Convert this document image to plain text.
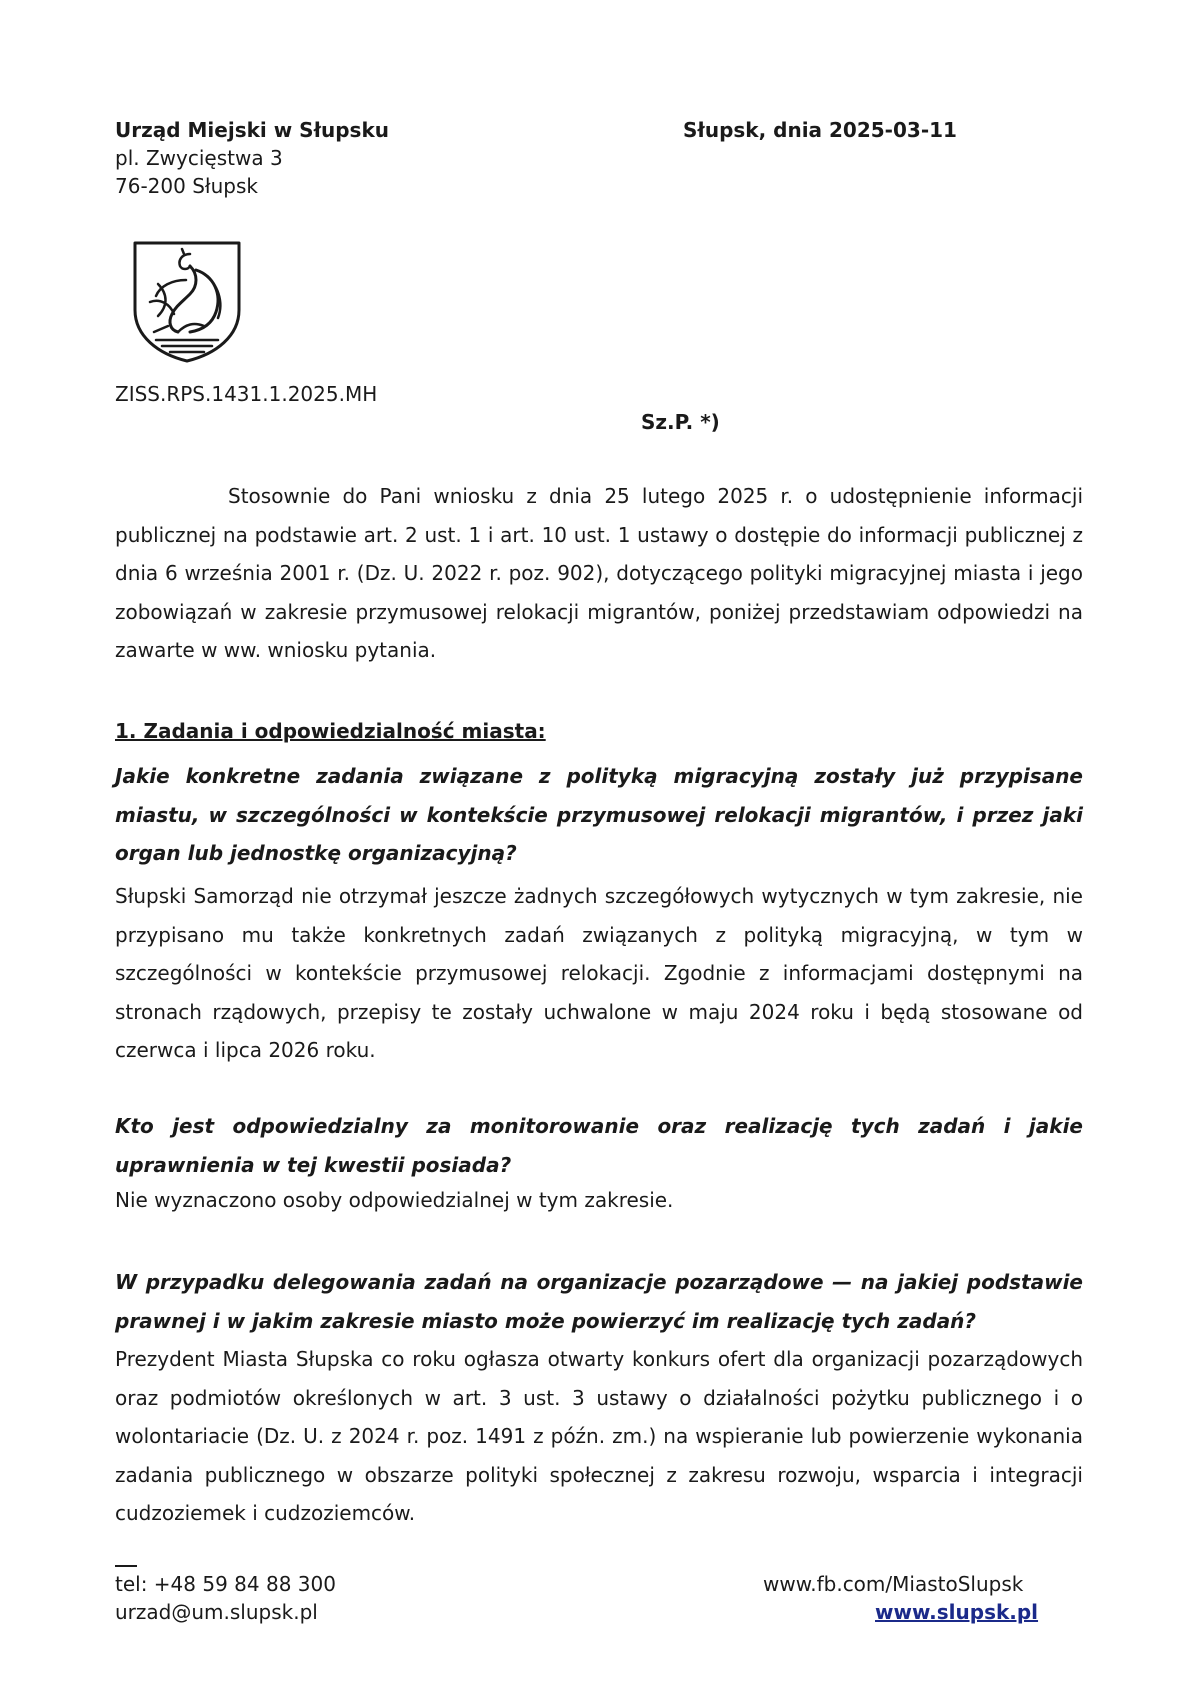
Urząd Miejski w Słupsku
pl. Zwycięstwa 3
76-200 Słupsk
Słupsk, dnia 2025-03-11
ZISS.RPS.1431.1.2025.MH
Sz.P. *)

Stosownie do Pani wniosku z dnia 25 lutego 2025 r. o udostępnienie informacji publicznej na podstawie art. 2 ust. 1 i art. 10 ust. 1 ustawy o dostępie do informacji publicznej z dnia 6 września 2001 r. (Dz. U. 2022 r. poz. 902), dotyczącego polityki migracyjnej miasta i jego zobowiązań w zakresie przymusowej relokacji migrantów, poniżej przedstawiam odpowiedzi na zawarte w ww. wniosku pytania.

1. Zadania i odpowiedzialność miasta:

Jakie konkretne zadania związane z polityką migracyjną zostały już przypisane miastu, w szczególności w kontekście przymusowej relokacji migrantów, i przez jaki organ lub jednostkę organizacyjną?

Słupski Samorząd nie otrzymał jeszcze żadnych szczegółowych wytycznych w tym zakresie, nie przypisano mu także konkretnych zadań związanych z polityką migracyjną, w tym w szczególności w kontekście przymusowej relokacji. Zgodnie z informacjami dostępnymi na stronach rządowych, przepisy te zostały uchwalone w maju 2024 roku i będą stosowane od czerwca i lipca 2026 roku.

Kto jest odpowiedzialny za monitorowanie oraz realizację tych zadań i jakie uprawnienia w tej kwestii posiada?

Nie wyznaczono osoby odpowiedzialnej w tym zakresie.

W przypadku delegowania zadań na organizacje pozarządowe — na jakiej podstawie prawnej i w jakim zakresie miasto może powierzyć im realizację tych zadań?

Prezydent Miasta Słupska co roku ogłasza otwarty konkurs ofert dla organizacji pozarządowych oraz podmiotów określonych w art. 3 ust. 3 ustawy o działalności pożytku publicznego i o wolontariacie (Dz. U. z 2024 r. poz. 1491 z późn. zm.) na wspieranie lub powierzenie wykonania zadania publicznego w obszarze polityki społecznej z zakresu rozwoju, wsparcia i integracji cudzoziemek i cudzoziemców.

tel: +48 59 84 88 300
urzad@um.slupsk.pl
www.fb.com/MiastoSlupsk
www.slupsk.pl
